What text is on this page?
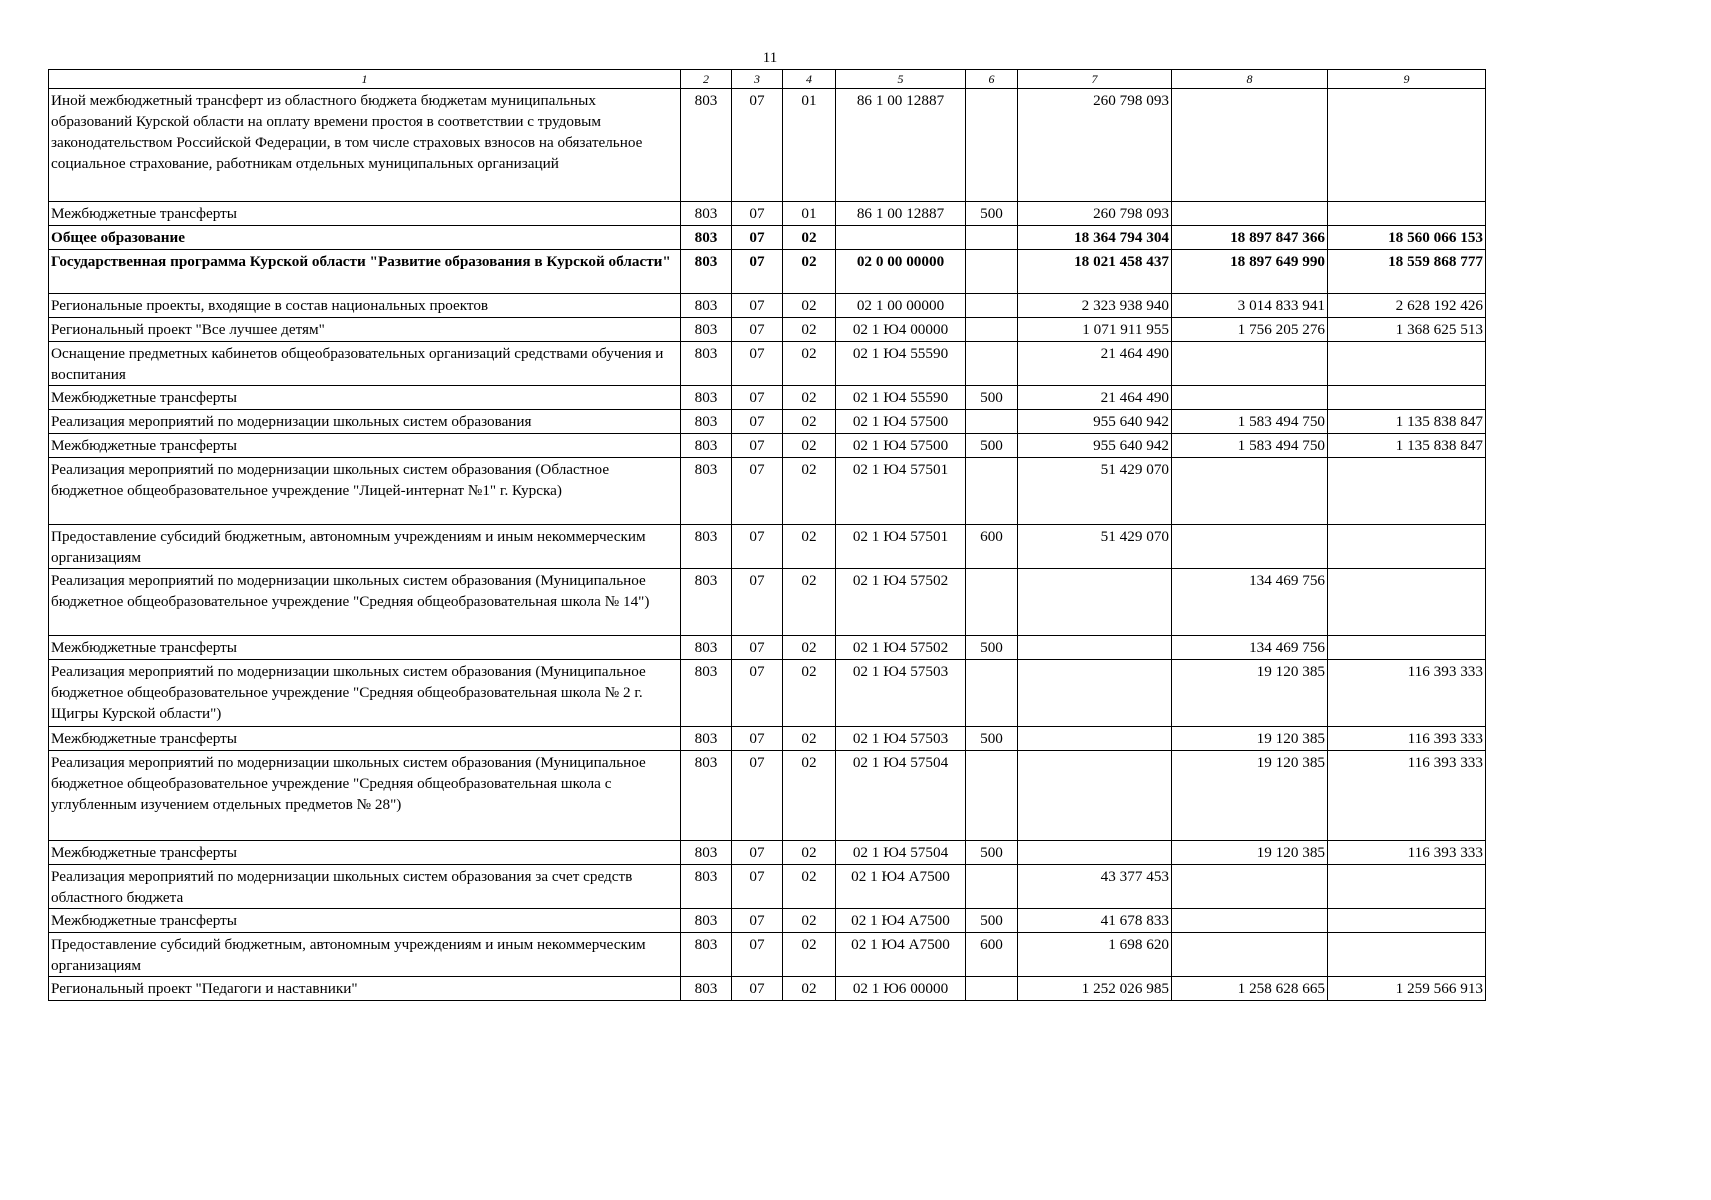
11
1	2	3	4	5	6	7	8	9
Иной межбюджетный трансферт из областного бюджета бюджетам муниципальных образований Курской области на оплату времени простоя в соответствии с трудовым законодательством Российской Федерации, в том числе страховых взносов на обязательное социальное страхование, работникам отдельных муниципальных организаций	803	07	01	86 1 00 12887		260 798 093		
Межбюджетные трансферты	803	07	01	86 1 00 12887	500	260 798 093		
Общее образование	803	07	02			18 364 794 304	18 897 847 366	18 560 066 153
Государственная программа Курской области "Развитие образования в Курской области"	803	07	02	02 0 00 00000		18 021 458 437	18 897 649 990	18 559 868 777
Региональные проекты, входящие в состав национальных проектов	803	07	02	02 1 00 00000		2 323 938 940	3 014 833 941	2 628 192 426
Региональный проект "Все лучшее детям"	803	07	02	02 1 Ю4 00000		1 071 911 955	1 756 205 276	1 368 625 513
Оснащение предметных кабинетов общеобразовательных организаций средствами обучения и воспитания	803	07	02	02 1 Ю4 55590		21 464 490		
Межбюджетные трансферты	803	07	02	02 1 Ю4 55590	500	21 464 490		
Реализация мероприятий по модернизации школьных систем образования	803	07	02	02 1 Ю4 57500		955 640 942	1 583 494 750	1 135 838 847
Межбюджетные трансферты	803	07	02	02 1 Ю4 57500	500	955 640 942	1 583 494 750	1 135 838 847
Реализация мероприятий по модернизации школьных систем образования (Областное бюджетное общеобразовательное учреждение "Лицей-интернат №1" г. Курска)	803	07	02	02 1 Ю4 57501		51 429 070		
Предоставление субсидий бюджетным, автономным учреждениям и иным некоммерческим организациям	803	07	02	02 1 Ю4 57501	600	51 429 070		
Реализация мероприятий по модернизации школьных систем образования (Муниципальное бюджетное общеобразовательное учреждение "Средняя общеобразовательная школа № 14")	803	07	02	02 1 Ю4 57502			134 469 756	
Межбюджетные трансферты	803	07	02	02 1 Ю4 57502	500		134 469 756	
Реализация мероприятий по модернизации школьных систем образования (Муниципальное бюджетное общеобразовательное учреждение "Средняя общеобразовательная школа № 2 г. Щигры Курской области")	803	07	02	02 1 Ю4 57503			19 120 385	116 393 333
Межбюджетные трансферты	803	07	02	02 1 Ю4 57503	500		19 120 385	116 393 333
Реализация мероприятий по модернизации школьных систем образования (Муниципальное бюджетное общеобразовательное учреждение "Средняя общеобразовательная школа с углубленным изучением отдельных предметов № 28")	803	07	02	02 1 Ю4 57504			19 120 385	116 393 333
Межбюджетные трансферты	803	07	02	02 1 Ю4 57504	500		19 120 385	116 393 333
Реализация мероприятий по модернизации школьных систем образования за счет средств областного бюджета	803	07	02	02 1 Ю4 А7500		43 377 453		
Межбюджетные трансферты	803	07	02	02 1 Ю4 А7500	500	41 678 833		
Предоставление субсидий бюджетным, автономным учреждениям и иным некоммерческим организациям	803	07	02	02 1 Ю4 А7500	600	1 698 620		
Региональный проект "Педагоги и наставники"	803	07	02	02 1 Ю6 00000		1 252 026 985	1 258 628 665	1 259 566 913
